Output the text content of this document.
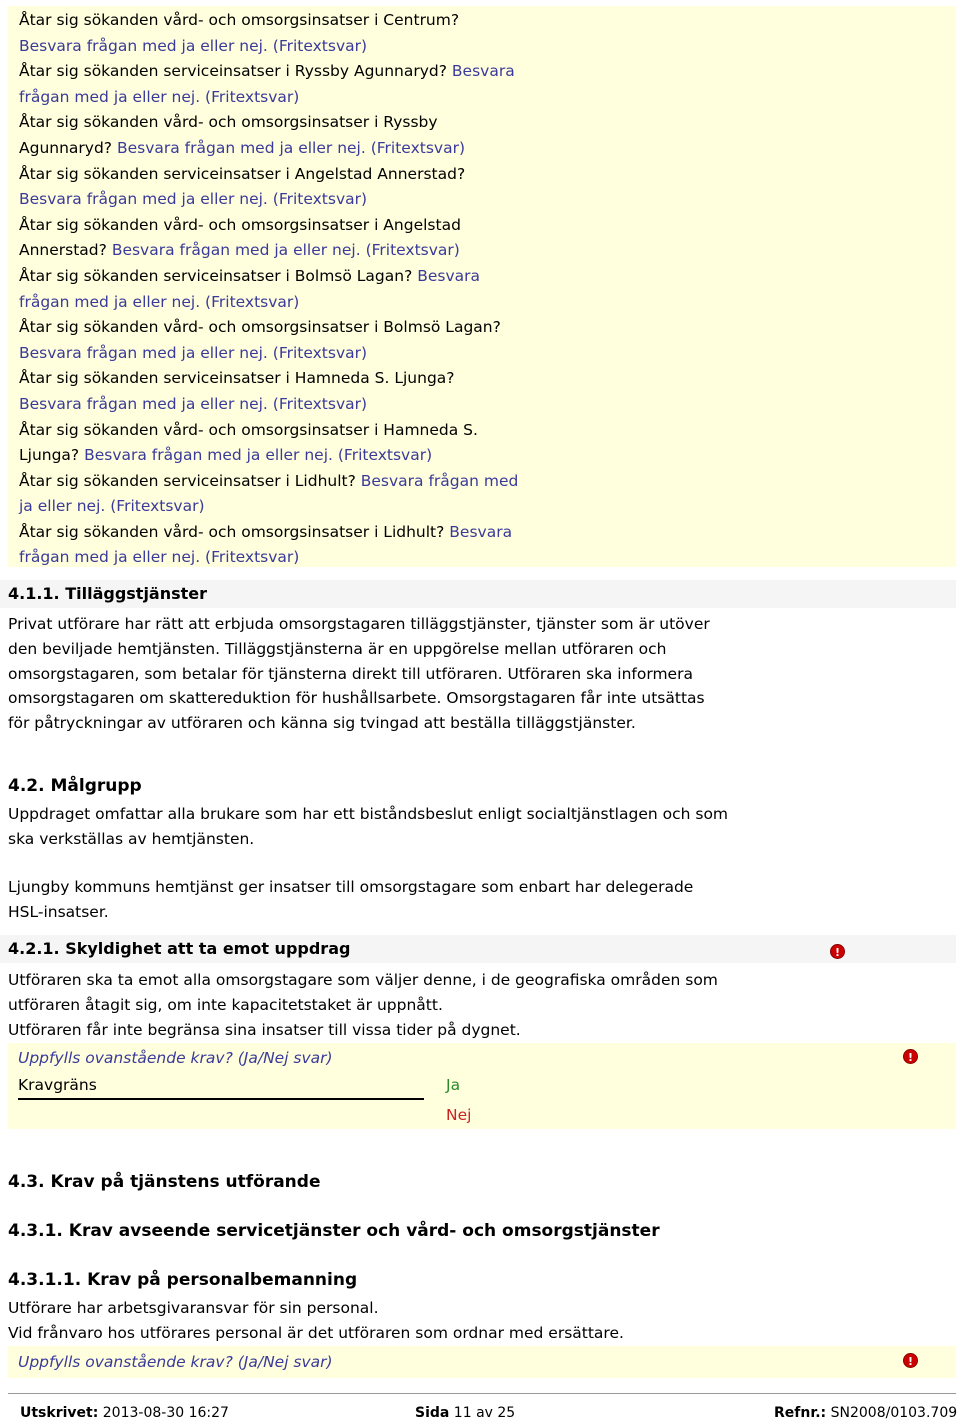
Åtar sig sökanden vård- och omsorgsinsatser i Centrum?
Besvara frågan med ja eller nej. (Fritextsvar)
Åtar sig sökanden serviceinsatser i Ryssby Agunnaryd? Besvara
frågan med ja eller nej. (Fritextsvar)
Åtar sig sökanden vård- och omsorgsinsatser i Ryssby
Agunnaryd? Besvara frågan med ja eller nej. (Fritextsvar)
Åtar sig sökanden serviceinsatser i Angelstad Annerstad?
Besvara frågan med ja eller nej. (Fritextsvar)
Åtar sig sökanden vård- och omsorgsinsatser i Angelstad
Annerstad? Besvara frågan med ja eller nej. (Fritextsvar)
Åtar sig sökanden serviceinsatser i Bolmsö Lagan? Besvara
frågan med ja eller nej. (Fritextsvar)
Åtar sig sökanden vård- och omsorgsinsatser i Bolmsö Lagan?
Besvara frågan med ja eller nej. (Fritextsvar)
Åtar sig sökanden serviceinsatser i Hamneda S. Ljunga?
Besvara frågan med ja eller nej. (Fritextsvar)
Åtar sig sökanden vård- och omsorgsinsatser i Hamneda S.
Ljunga? Besvara frågan med ja eller nej. (Fritextsvar)
Åtar sig sökanden serviceinsatser i Lidhult? Besvara frågan med
ja eller nej. (Fritextsvar)
Åtar sig sökanden vård- och omsorgsinsatser i Lidhult? Besvara
frågan med ja eller nej. (Fritextsvar)
4.1.1. Tilläggstjänster
Privat utförare har rätt att erbjuda omsorgstagaren tilläggstjänster, tjänster som är utöver
den beviljade hemtjänsten. Tilläggstjänsterna är en uppgörelse mellan utföraren och
omsorgstagaren, som betalar för tjänsterna direkt till utföraren. Utföraren ska informera
omsorgstagaren om skattereduktion för hushållsarbete. Omsorgstagaren får inte utsättas
för påtryckningar av utföraren och känna sig tvingad att beställa tilläggstjänster.
4.2. Målgrupp
Uppdraget omfattar alla brukare som har ett biståndsbeslut enligt socialtjänstlagen och som
ska verkställas av hemtjänsten.
Ljungby kommuns hemtjänst ger insatser till omsorgstagare som enbart har delegerade
HSL-insatser.
4.2.1. Skyldighet att ta emot uppdrag	!
Utföraren ska ta emot alla omsorgstagare som väljer denne, i de geografiska områden som
utföraren åtagit sig, om inte kapacitetstaket är uppnått.
Utföraren får inte begränsa sina insatser till vissa tider på dygnet.
Uppfylls ovanstående krav? (Ja/Nej svar)	!
Kravgräns	Ja
Nej
4.3. Krav på tjänstens utförande
4.3.1. Krav avseende servicetjänster och vård- och omsorgstjänster
4.3.1.1. Krav på personalbemanning
Utförare har arbetsgivaransvar för sin personal.
Vid frånvaro hos utförares personal är det utföraren som ordnar med ersättare.
Uppfylls ovanstående krav? (Ja/Nej svar)	!
Utskrivet: 2013-08-30 16:27	Sida 11 av 25	Refnr.: SN2008/0103.709
